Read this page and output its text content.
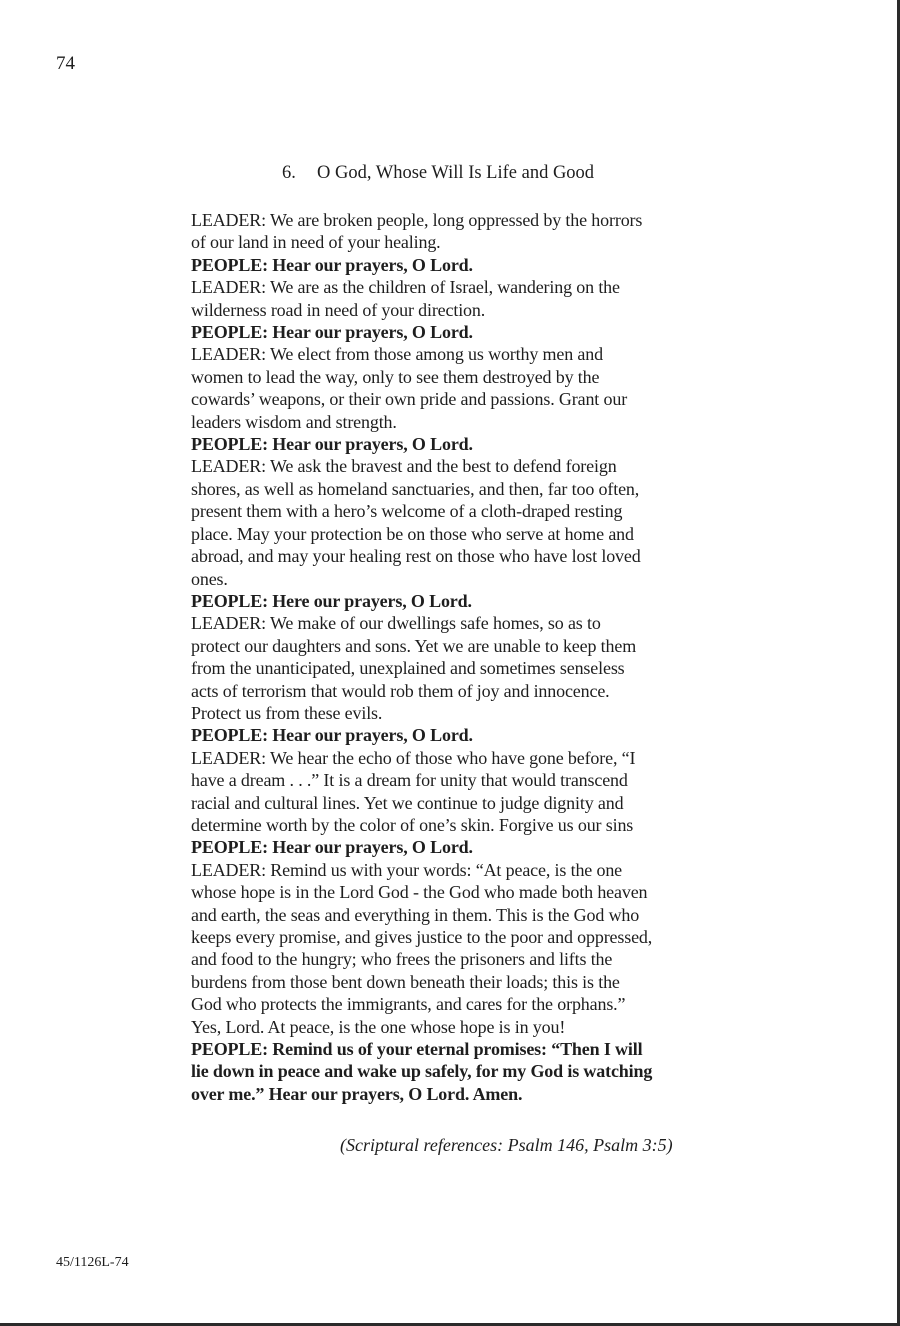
74
6. O God, Whose Will Is Life and Good
LEADER: We are broken people, long oppressed by the horrors
of our land in need of your healing.
PEOPLE: Hear our prayers, O Lord.
LEADER: We are as the children of Israel, wandering on the
wilderness road in need of your direction.
PEOPLE: Hear our prayers, O Lord.
LEADER: We elect from those among us worthy men and
women to lead the way, only to see them destroyed by the
cowards’ weapons, or their own pride and passions. Grant our
leaders wisdom and strength.
PEOPLE: Hear our prayers, O Lord.
LEADER: We ask the bravest and the best to defend foreign
shores, as well as homeland sanctuaries, and then, far too often,
present them with a hero’s welcome of a cloth-draped resting
place. May your protection be on those who serve at home and
abroad, and may your healing rest on those who have lost loved
ones.
PEOPLE: Here our prayers, O Lord.
LEADER: We make of our dwellings safe homes, so as to
protect our daughters and sons. Yet we are unable to keep them
from the unanticipated, unexplained and sometimes senseless
acts of terrorism that would rob them of joy and innocence.
Protect us from these evils.
PEOPLE: Hear our prayers, O Lord.
LEADER: We hear the echo of those who have gone before, “I
have a dream . . .” It is a dream for unity that would transcend
racial and cultural lines. Yet we continue to judge dignity and
determine worth by the color of one’s skin. Forgive us our sins
PEOPLE: Hear our prayers, O Lord.
LEADER: Remind us with your words: “At peace, is the one
whose hope is in the Lord God - the God who made both heaven
and earth, the seas and everything in them. This is the God who
keeps every promise, and gives justice to the poor and oppressed,
and food to the hungry; who frees the prisoners and lifts the
burdens from those bent down beneath their loads; this is the
God who protects the immigrants, and cares for the orphans.”
Yes, Lord. At peace, is the one whose hope is in you!
PEOPLE: Remind us of your eternal promises: “Then I will
lie down in peace and wake up safely, for my God is watching
over me.” Hear our prayers, O Lord. Amen.
(Scriptural references: Psalm 146, Psalm 3:5)
45/1126L-74
